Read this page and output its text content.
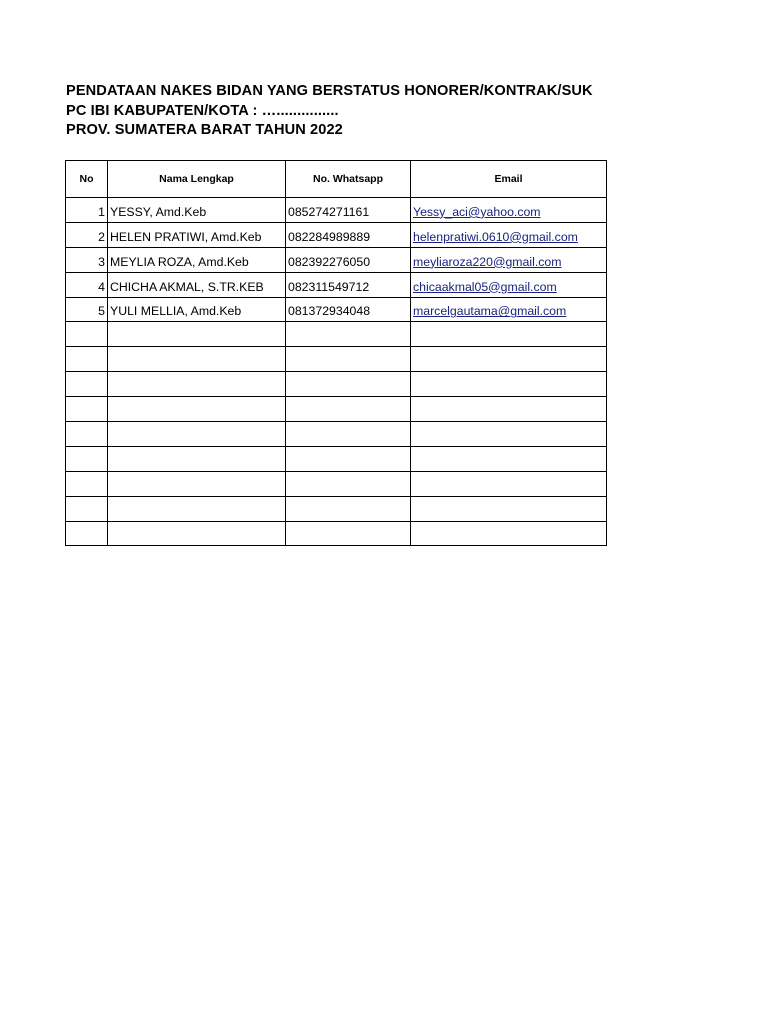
PENDATAAN NAKES BIDAN YANG BERSTATUS HONORER/KONTRAK/SUK
PC IBI KABUPATEN/KOTA : …...............
PROV. SUMATERA BARAT TAHUN 2022
No	Nama Lengkap	No. Whatsapp	Email
1	YESSY, Amd.Keb	085274271161	Yessy_aci@yahoo.com
2	HELEN PRATIWI, Amd.Keb	082284989889	helenpratiwi.0610@gmail.com
3	MEYLIA ROZA, Amd.Keb	082392276050	meyliaroza220@gmail.com
4	CHICHA AKMAL, S.TR.KEB	082311549712	chicaakmal05@gmail.com
5	YULI MELLIA, Amd.Keb	081372934048	marcelgautama@gmail.com
